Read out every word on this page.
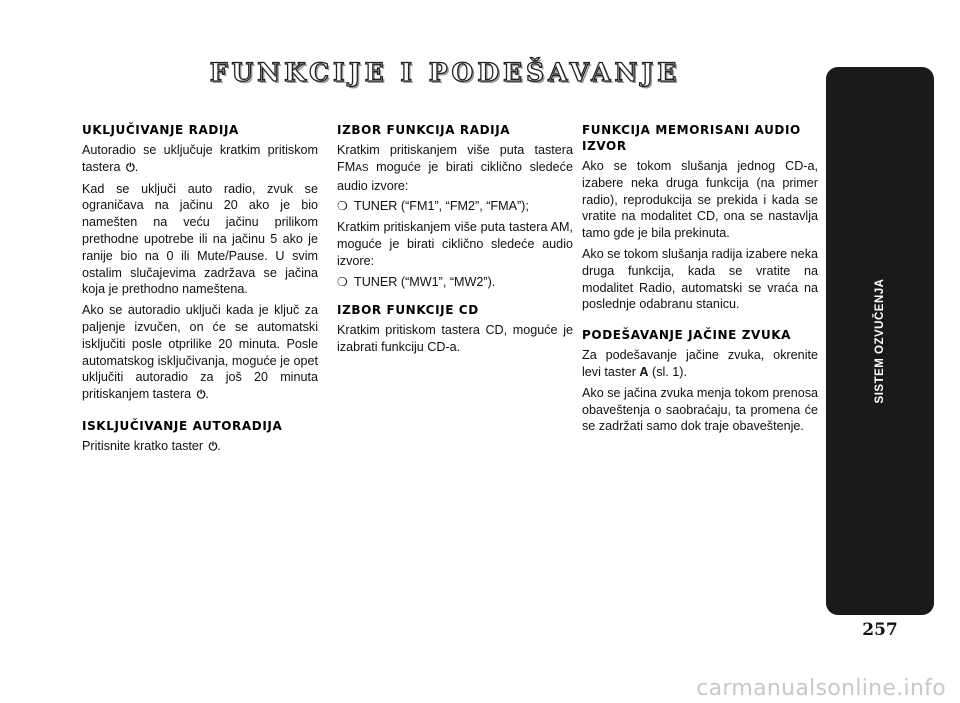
FUNKCIJE I PODEŠAVANJE
UKLJUČIVANJE RADIJA

Autoradio se uključuje kratkim pritiskom tastera ⏻.

Kad se uključi auto radio, zvuk se ograničava na jačinu 20 ako je bio namešten na veću jačinu prilikom prethodne upotrebe ili na jačinu 5 ako je ranije bio na 0 ili Mute/Pause. U svim ostalim slučajevima zadržava se jačina koja je prethodno nameštena.

Ako se autoradio uključi kada je ključ za paljenje izvučen, on će se automatski isključiti posle otprilike 20 minuta. Posle automatskog isključivanja, moguće je opet uključiti autoradio za još 20 minuta pritiskanjem tastera ⏻.

ISKLJUČIVANJE AUTORADIJA

Pritisnite kratko taster ⏻.

IZBOR FUNKCIJA RADIJA

Kratkim pritiskanjem više puta tastera FMAS moguće je birati ciklično sledeće audio izvore:

❍ TUNER (“FM1”, “FM2”, “FMA”);

Kratkim pritiskanjem više puta tastera AM, moguće je birati ciklično sledeće audio izvore:

❍ TUNER (“MW1”, “MW2”).
IZBOR FUNKCIJE CD

Kratkim pritiskom tastera CD, moguće je izabrati funkciju CD-a.

FUNKCIJA MEMORISANI AUDIO IZVOR

Ako se tokom slušanja jednog CD-a, izabere neka druga funkcija (na primer radio), reprodukcija se prekida i kada se vratite na modalitet CD, ona se nastavlja tamo gde je bila prekinuta.

Ako se tokom slušanja radija izabere neka druga funkcija, kada se vratite na modalitet Radio, automatski se vraća na poslednje odabranu stanicu.

PODEŠAVANJE JAČINE ZVUKA

Za podešavanje jačine zvuka, okrenite levi taster A (sl. 1).

Ako se jačina zvuka menja tokom prenosa obaveštenja o saobraćaju, ta promena će se zadržati samo dok traje obaveštenje.

SISTEM OZVUČENJA
257
carmanualsonline.info
